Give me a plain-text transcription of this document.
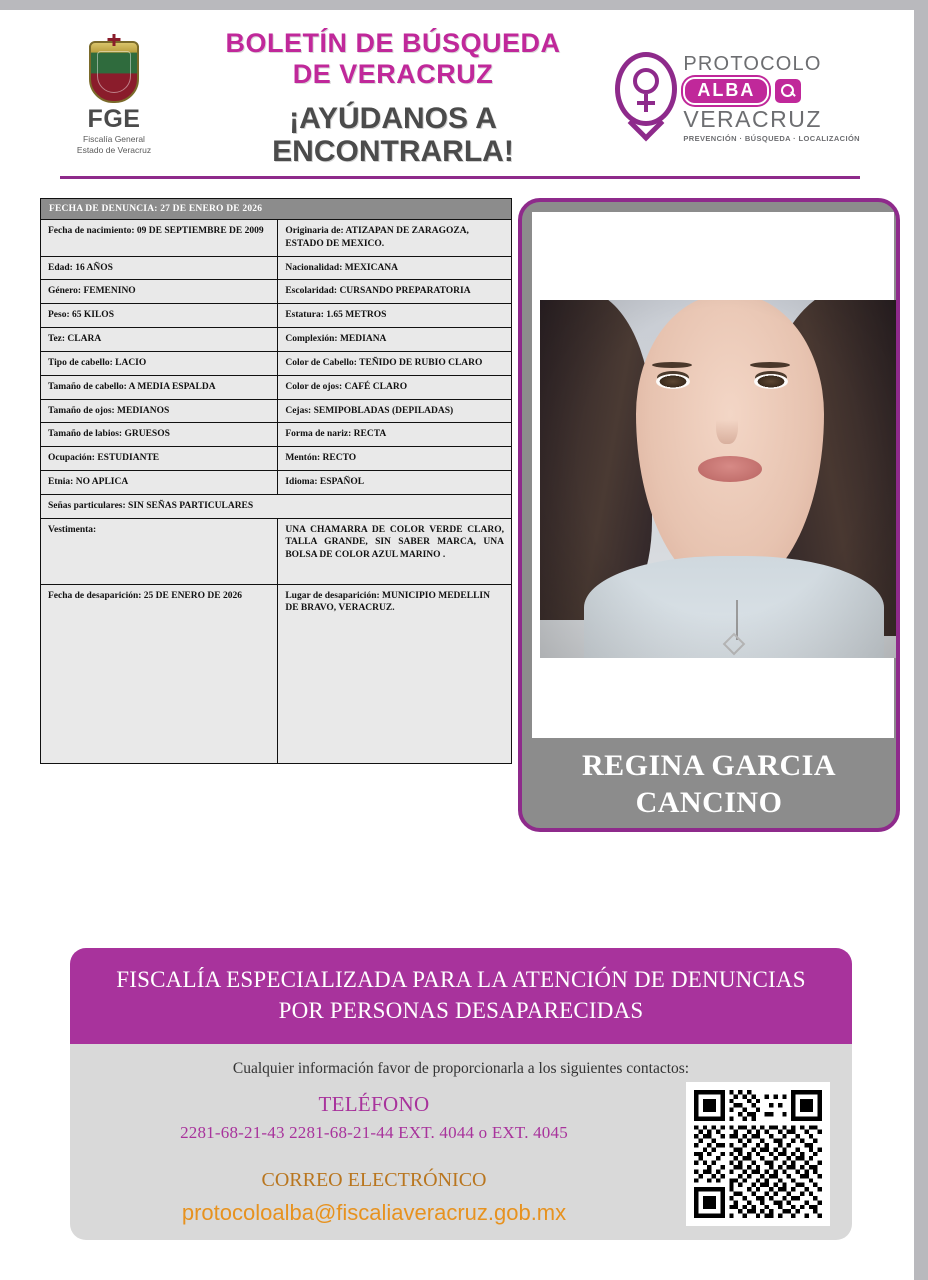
FGE
Fiscalía General
Estado de Veracruz
BOLETÍN DE BÚSQUEDA
DE VERACRUZ
¡AYÚDANOS A ENCONTRARLA!
PROTOCOLO
ALBA
VERACRUZ
PREVENCIÓN · BÚSQUEDA · LOCALIZACIÓN
FECHA DE DENUNCIA: 27 DE ENERO DE 2026
Fecha de nacimiento: 09 DE SEPTIEMBRE DE 2009	Originaria de: ATIZAPAN DE ZARAGOZA, ESTADO DE MEXICO.
Edad: 16 AÑOS	Nacionalidad: MEXICANA
Género: FEMENINO	Escolaridad: CURSANDO PREPARATORIA
Peso: 65 KILOS	Estatura: 1.65 METROS
Tez: CLARA	Complexión: MEDIANA
Tipo de cabello: LACIO	Color de Cabello: TEÑIDO DE RUBIO CLARO
Tamaño de cabello: A MEDIA ESPALDA	Color de ojos: CAFÉ CLARO
Tamaño de ojos: MEDIANOS	Cejas: SEMIPOBLADAS (DEPILADAS)
Tamaño de labios: GRUESOS	Forma de nariz: RECTA
Ocupación: ESTUDIANTE	Mentón: RECTO
Etnia: NO APLICA	Idioma: ESPAÑOL
Señas particulares: SIN SEÑAS PARTICULARES
Vestimenta:	UNA CHAMARRA DE COLOR VERDE CLARO, TALLA GRANDE, SIN SABER MARCA, UNA BOLSA DE COLOR AZUL MARINO .
Fecha de desaparición: 25 DE ENERO DE 2026	Lugar de desaparición: MUNICIPIO MEDELLIN DE BRAVO, VERACRUZ.
REGINA GARCIA CANCINO
FISCALÍA ESPECIALIZADA PARA LA ATENCIÓN DE DENUNCIAS POR PERSONAS DESAPARECIDAS
Cualquier información favor de proporcionarla a los siguientes contactos:
TELÉFONO
2281-68-21-43 2281-68-21-44 EXT. 4044 o EXT. 4045
CORREO ELECTRÓNICO
protocoloalba@fiscaliaveracruz.gob.mx
